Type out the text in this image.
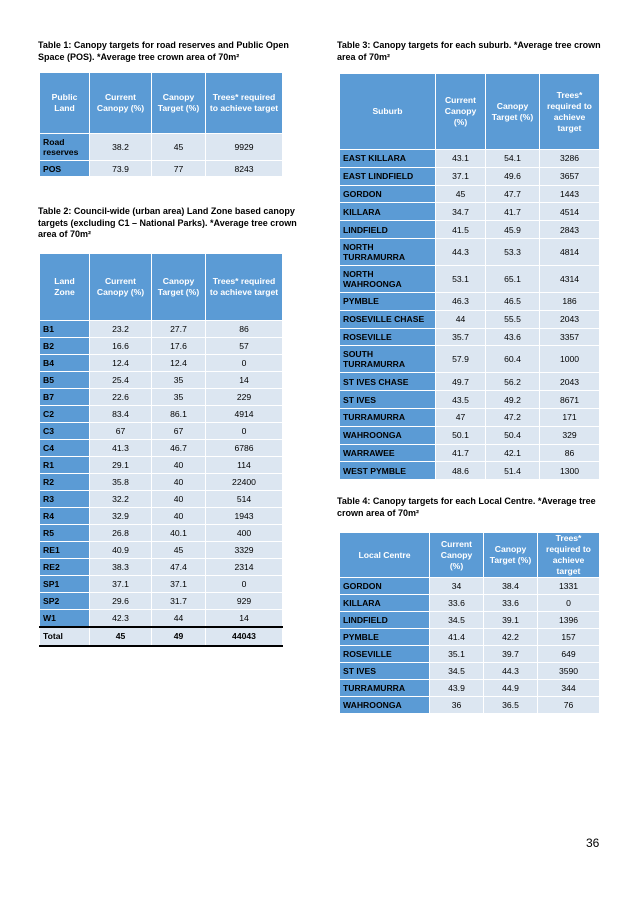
Table 1: Canopy targets for road reserves and Public Open Space (POS). *Average tree crown area of 70m²
Public Land	Current Canopy (%)	Canopy Target (%)	Trees* required to achieve target
Road reserves	38.2	45	9929
POS	73.9	77	8243
Table 2: Council-wide (urban area) Land Zone based canopy targets (excluding C1 – National Parks). *Average tree crown area of 70m²
Land Zone	Current Canopy (%)	Canopy Target (%)	Trees* required to achieve target
B1	23.2	27.7	86
B2	16.6	17.6	57
B4	12.4	12.4	0
B5	25.4	35	14
B7	22.6	35	229
C2	83.4	86.1	4914
C3	67	67	0
C4	41.3	46.7	6786
R1	29.1	40	114
R2	35.8	40	22400
R3	32.2	40	514
R4	32.9	40	1943
R5	26.8	40.1	400
RE1	40.9	45	3329
RE2	38.3	47.4	2314
SP1	37.1	37.1	0
SP2	29.6	31.7	929
W1	42.3	44	14
Total	45	49	44043
Table 3: Canopy targets for each suburb. *Average tree crown area of 70m²
Suburb	Current Canopy (%)	Canopy Target (%)	Trees* required to achieve target
EAST KILLARA	43.1	54.1	3286
EAST LINDFIELD	37.1	49.6	3657
GORDON	45	47.7	1443
KILLARA	34.7	41.7	4514
LINDFIELD	41.5	45.9	2843
NORTH TURRAMURRA	44.3	53.3	4814
NORTH WAHROONGA	53.1	65.1	4314
PYMBLE	46.3	46.5	186
ROSEVILLE CHASE	44	55.5	2043
ROSEVILLE	35.7	43.6	3357
SOUTH TURRAMURRA	57.9	60.4	1000
ST IVES CHASE	49.7	56.2	2043
ST IVES	43.5	49.2	8671
TURRAMURRA	47	47.2	171
WAHROONGA	50.1	50.4	329
WARRAWEE	41.7	42.1	86
WEST PYMBLE	48.6	51.4	1300
Table 4: Canopy targets for each Local Centre. *Average tree crown area of 70m²
Local Centre	Current Canopy (%)	Canopy Target (%)	Trees* required to achieve target
GORDON	34	38.4	1331
KILLARA	33.6	33.6	0
LINDFIELD	34.5	39.1	1396
PYMBLE	41.4	42.2	157
ROSEVILLE	35.1	39.7	649
ST IVES	34.5	44.3	3590
TURRAMURRA	43.9	44.9	344
WAHROONGA	36	36.5	76
36
